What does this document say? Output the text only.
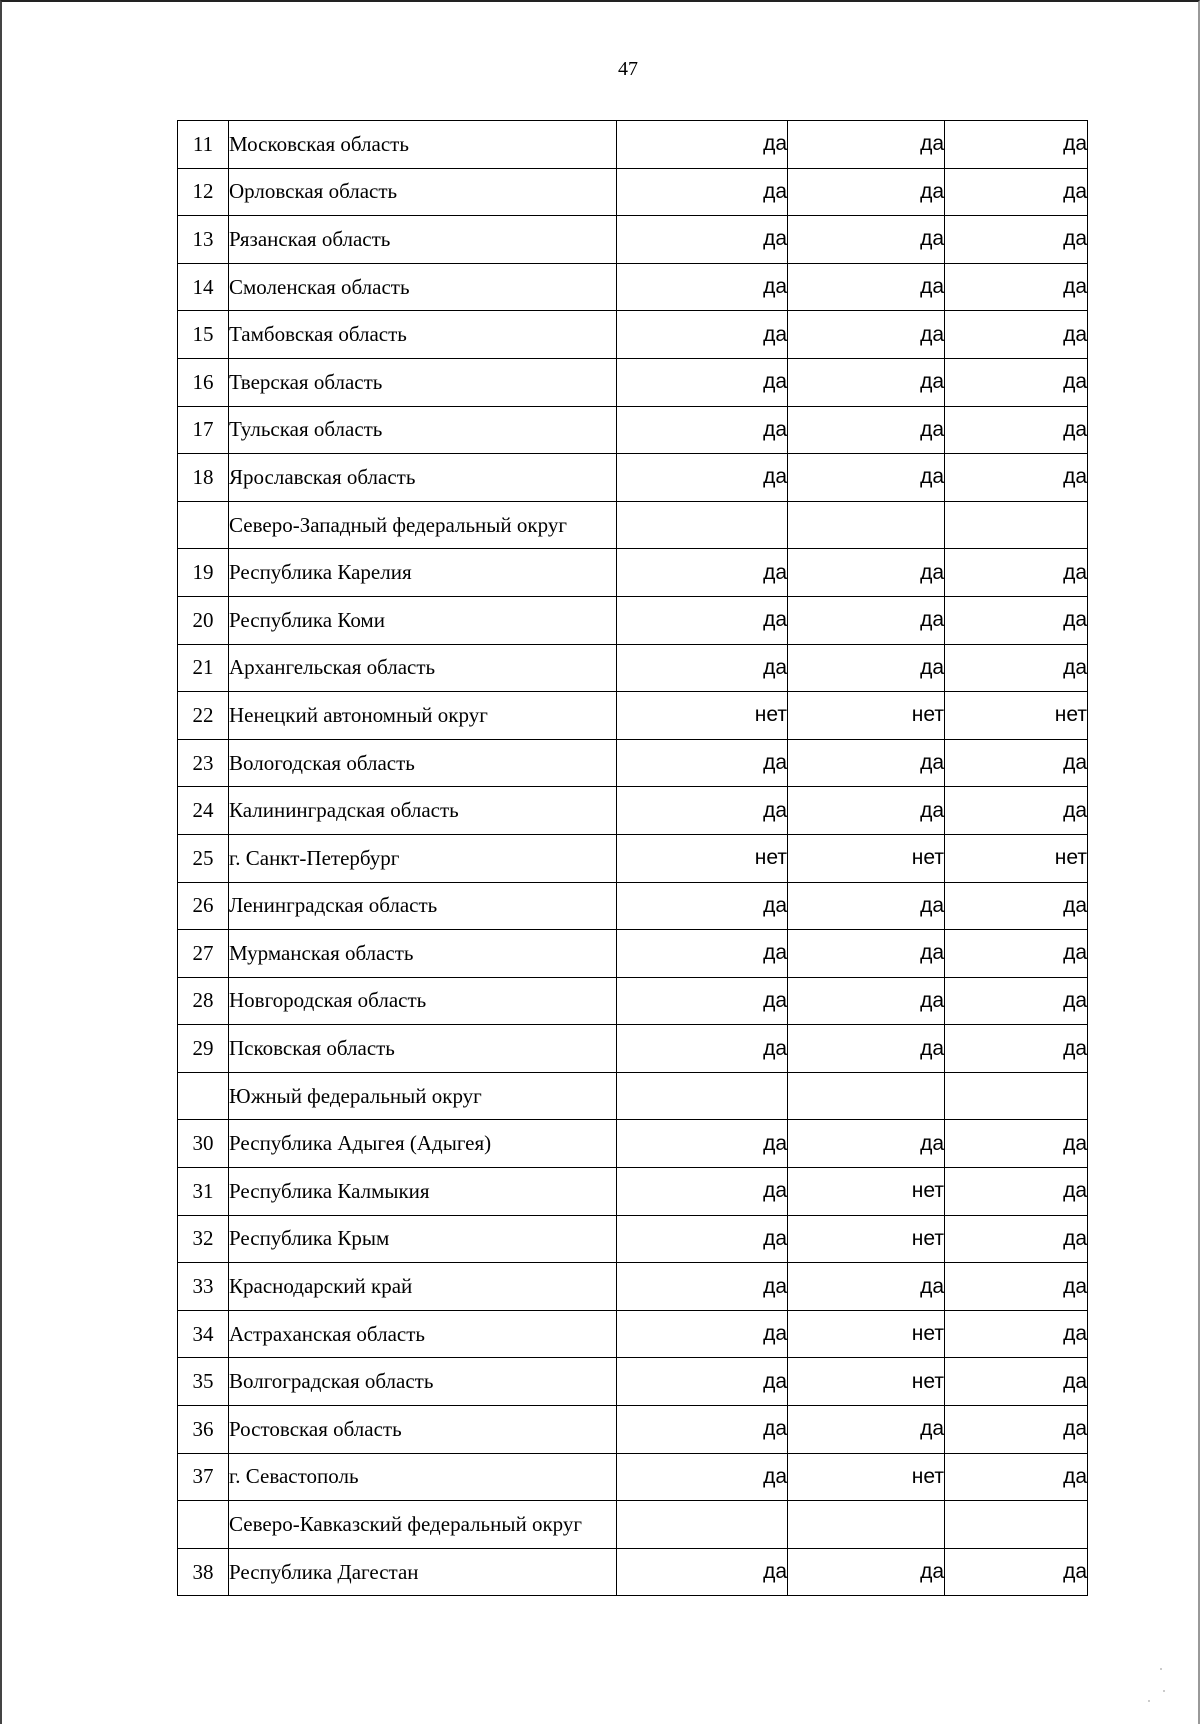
47
11	Московская область	да	да	да
12	Орловская область	да	да	да
13	Рязанская область	да	да	да
14	Смоленская область	да	да	да
15	Тамбовская область	да	да	да
16	Тверская область	да	да	да
17	Тульская область	да	да	да
18	Ярославская область	да	да	да
	Северо-Западный федеральный округ			
19	Республика Карелия	да	да	да
20	Республика Коми	да	да	да
21	Архангельская область	да	да	да
22	Ненецкий автономный округ	нет	нет	нет
23	Вологодская область	да	да	да
24	Калининградская область	да	да	да
25	г. Санкт-Петербург	нет	нет	нет
26	Ленинградская область	да	да	да
27	Мурманская область	да	да	да
28	Новгородская область	да	да	да
29	Псковская область	да	да	да
	Южный федеральный округ			
30	Республика Адыгея (Адыгея)	да	да	да
31	Республика Калмыкия	да	нет	да
32	Республика Крым	да	нет	да
33	Краснодарский край	да	да	да
34	Астраханская область	да	нет	да
35	Волгоградская область	да	нет	да
36	Ростовская область	да	да	да
37	г. Севастополь	да	нет	да
	Северо-Кавказский федеральный округ			
38	Республика Дагестан	да	да	да
